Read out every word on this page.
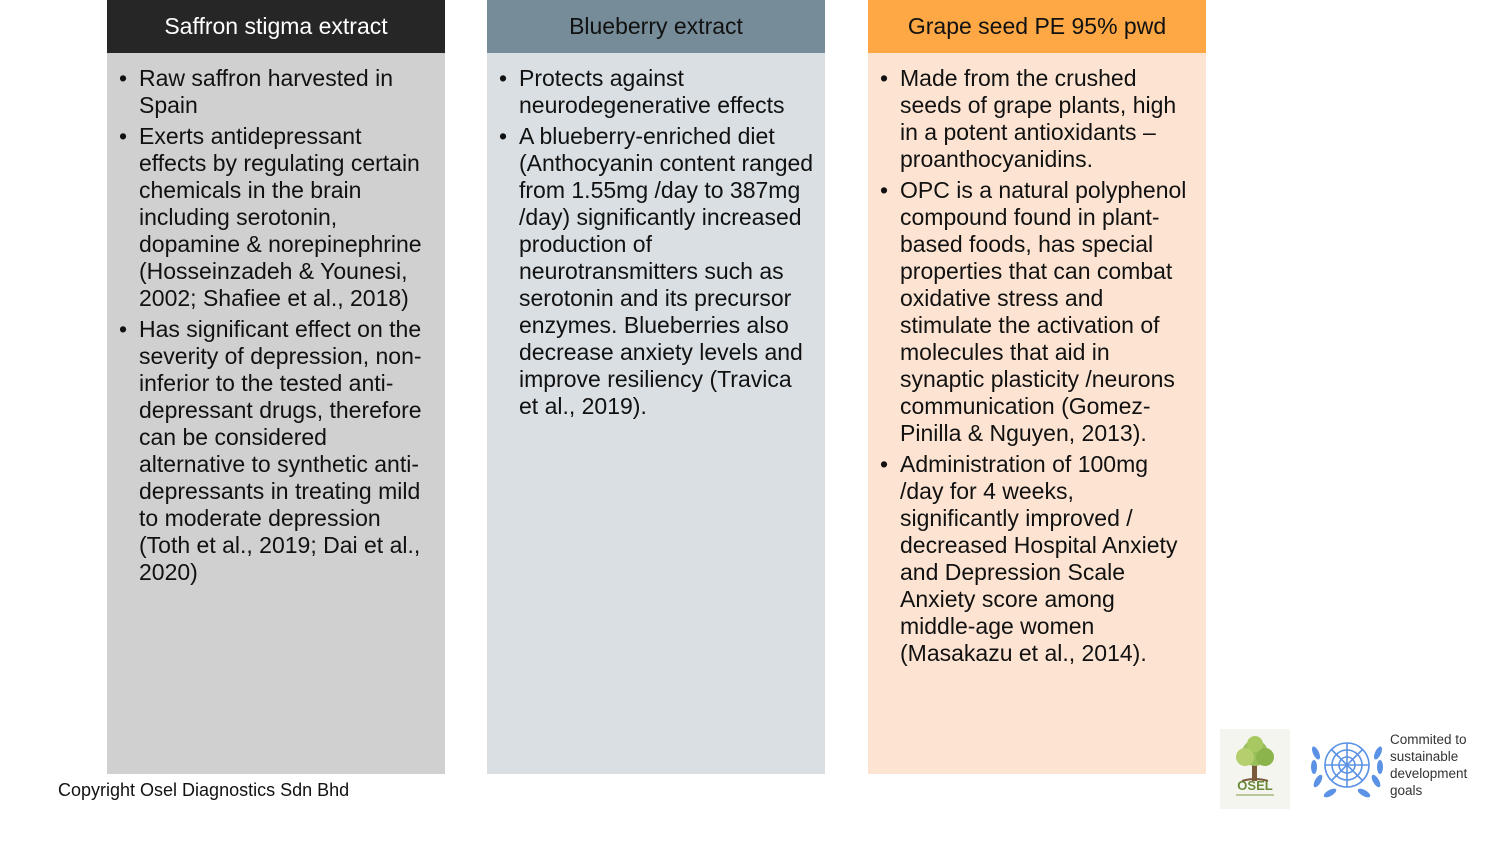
Saffron stigma extract
• Raw saffron harvested in Spain
• Exerts antidepressant effects by regulating certain chemicals in the brain including serotonin, dopamine & norepinephrine (Hosseinzadeh & Younesi, 2002; Shafiee et al., 2018)
• Has significant effect on the severity of depression, non-inferior to the tested anti-depressant drugs, therefore can be considered alternative to synthetic anti-depressants in treating mild to moderate depression (Toth et al., 2019; Dai et al., 2020)
Blueberry extract
• Protects against neurodegenerative effects
• A blueberry-enriched diet (Anthocyanin content ranged from 1.55mg /day to 387mg /day) significantly increased production of neurotransmitters such as serotonin and its precursor enzymes. Blueberries also decrease anxiety levels and improve resiliency (Travica et al., 2019).
Grape seed PE 95% pwd
• Made from the crushed seeds of grape plants, high in a potent antioxidants – proanthocyanidins.
• OPC is a natural polyphenol compound found in plant-based foods, has special properties that can combat oxidative stress and stimulate the activation of molecules that aid in synaptic plasticity /neurons communication (Gomez-Pinilla & Nguyen, 2013).
• Administration of 100mg /day for 4 weeks, significantly improved / decreased Hospital Anxiety and Depression Scale Anxiety score among middle-age women (Masakazu et al., 2014).
Copyright Osel Diagnostics Sdn Bhd	OSEL
Commited to
sustainable
development
goals
